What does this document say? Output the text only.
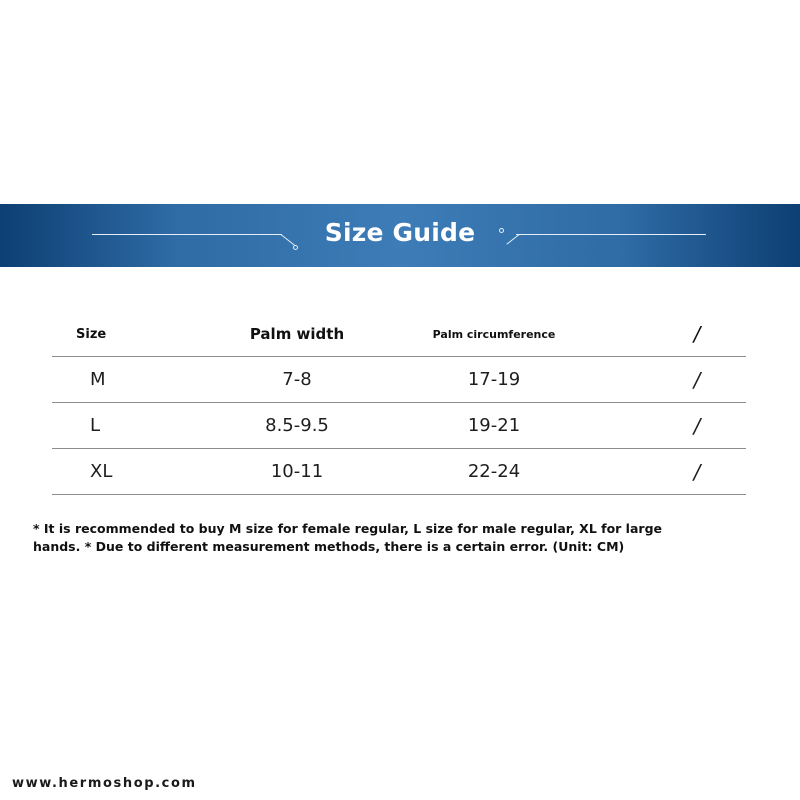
Size Guide
Size	Palm width	Palm circumference	/
M	7-8	17-19	/
L	8.5-9.5	19-21	/
XL	10-11	22-24	/
* It is recommended to buy M size for female regular, L size for male regular, XL for large hands. * Due to different measurement methods, there is a certain error. (Unit: CM)
www.hermoshop.com
